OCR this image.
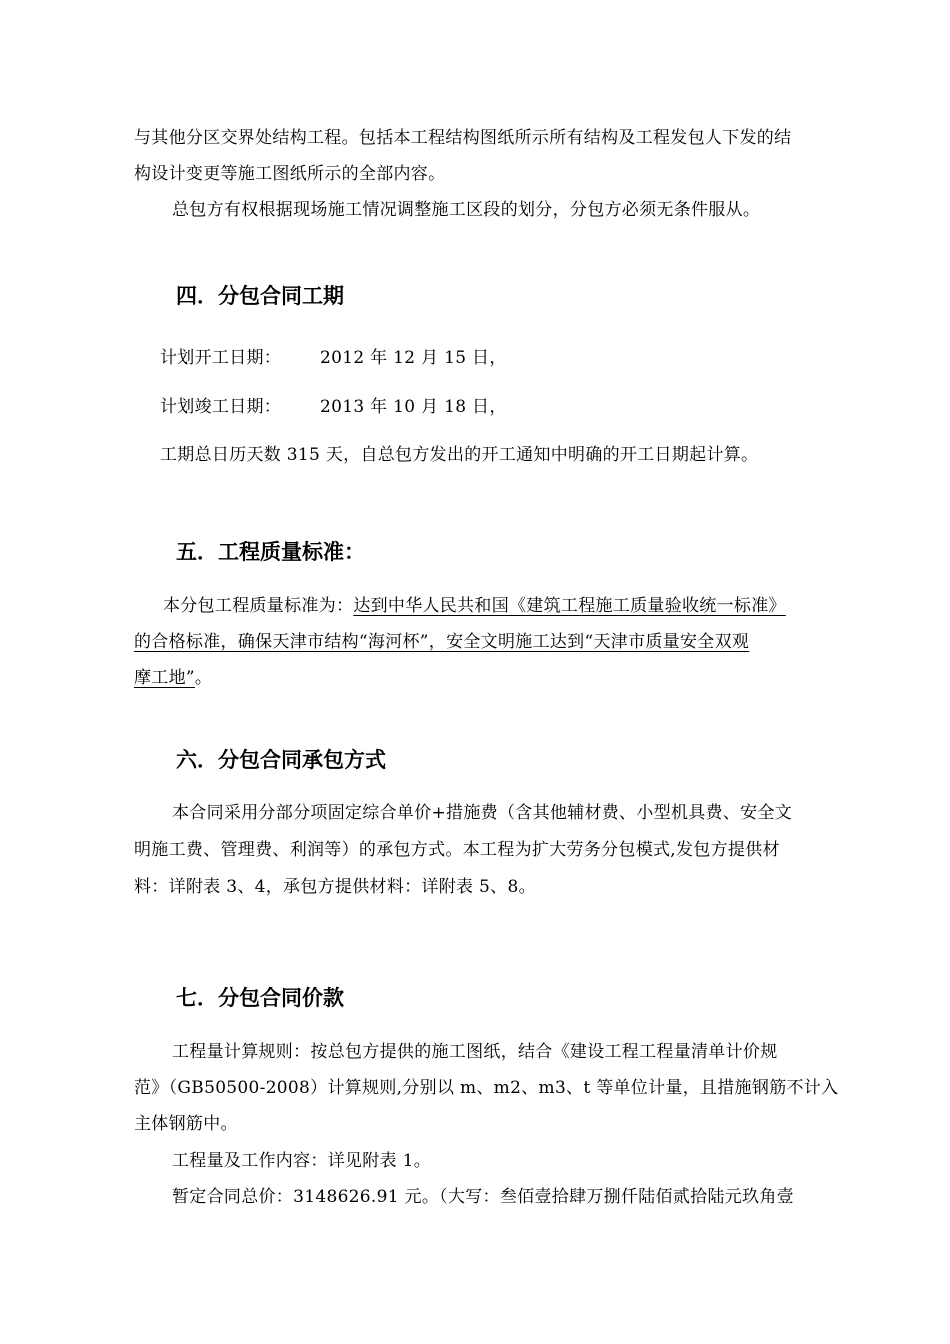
与其他分区交界处结构工程。包括本工程结构图纸所示所有结构及工程发包人下发的结
构设计变更等施工图纸所示的全部内容。
总包方有权根据现场施工情况调整施工区段的划分，分包方必须无条件服从。
四．分包合同工期
计划开工日期： 2012 年 12 月 15 日，
计划竣工日期： 2013 年 10 月 18 日，
工期总日历天数 315 天，自总包方发出的开工通知中明确的开工日期起计算。
五．工程质量标准：
本分包工程质量标准为：达到中华人民共和国《建筑工程施工质量验收统一标准》
的合格标准，确保天津市结构“海河杯”，安全文明施工达到“天津市质量安全双观
摩工地”。
六．分包合同承包方式
本合同采用分部分项固定综合单价+措施费（含其他辅材费、小型机具费、安全文
明施工费、管理费、利润等）的承包方式。本工程为扩大劳务分包模式,发包方提供材
料：详附表 3、4，承包方提供材料：详附表 5、8。
七．分包合同价款
工程量计算规则：按总包方提供的施工图纸，结合《建设工程工程量清单计价规
范》（GB50500-2008）计算规则,分别以 m、m2、m3、t 等单位计量，且措施钢筋不计入
主体钢筋中。
工程量及工作内容：详见附表 1。
暂定合同总价：3148626.91 元。（大写：叁佰壹拾肆万捌仟陆佰贰拾陆元玖角壹
